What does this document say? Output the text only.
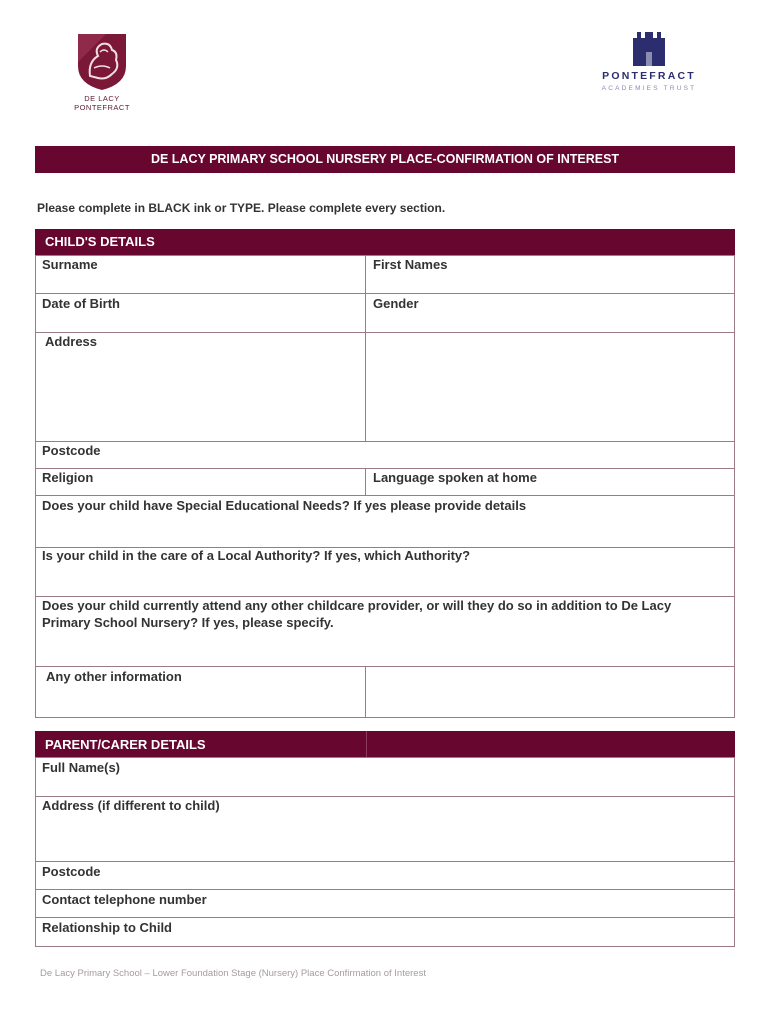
DE LACY
PONTEFRACT
PONTEFRACT
ACADEMIES TRUST
DE LACY PRIMARY SCHOOL NURSERY PLACE-CONFIRMATION OF INTEREST
Please complete in BLACK ink or TYPE. Please complete every section.
CHILD'S DETAILS
Surname	First Names
Date of Birth	Gender
Address
Postcode
Religion	Language spoken at home
Does your child have Special Educational Needs? If yes please provide details
Is your child in the care of a Local Authority? If yes, which Authority?
Does your child currently attend any other childcare provider, or will they do so in addition to De Lacy Primary School Nursery? If yes, please specify.
Any other information
PARENT/CARER DETAILS
Full Name(s)
Address (if different to child)
Postcode
Contact telephone number
Relationship to Child
De Lacy Primary School – Lower Foundation Stage (Nursery) Place Confirmation of Interest
